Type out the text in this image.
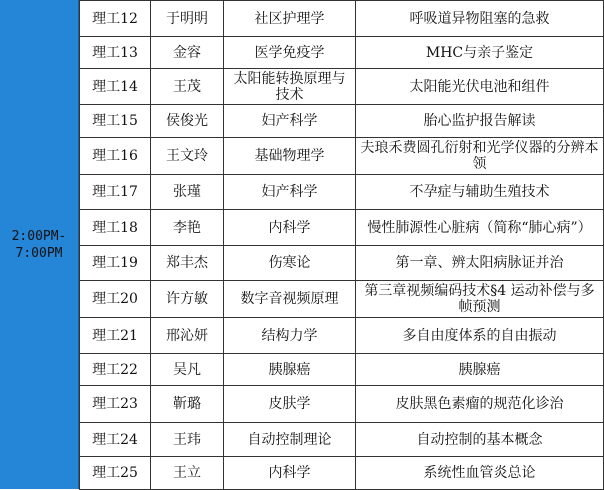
2:00PM-
7:00PM
理工12	于明明	社区护理学	呼吸道异物阻塞的急救

理工13	金容	医学免疫学	MHC与亲子鉴定

理工14	王茂	太阳能转换原理与技术	太阳能光伏电池和组件

理工15	侯俊光	妇产科学	胎心监护报告解读

理工16	王文玲	基础物理学	夫琅禾费圆孔衍射和光学仪器的分辨本领

理工17	张瑾	妇产科学	不孕症与辅助生殖技术

理工18	李艳	内科学	慢性肺源性心脏病（简称“肺心病”）

理工19	郑丰杰	伤寒论	第一章、辨太阳病脉证并治

理工20	许方敏	数字音视频原理	第三章视频编码技术§4 运动补偿与多帧预测

理工21	邢沁妍	结构力学	多自由度体系的自由振动

理工22	吴凡	胰腺癌	胰腺癌

理工23	靳璐	皮肤学	皮肤黑色素瘤的规范化诊治

理工24	王玮	自动控制理论	自动控制的基本概念

理工25	王立	内科学	系统性血管炎总论
